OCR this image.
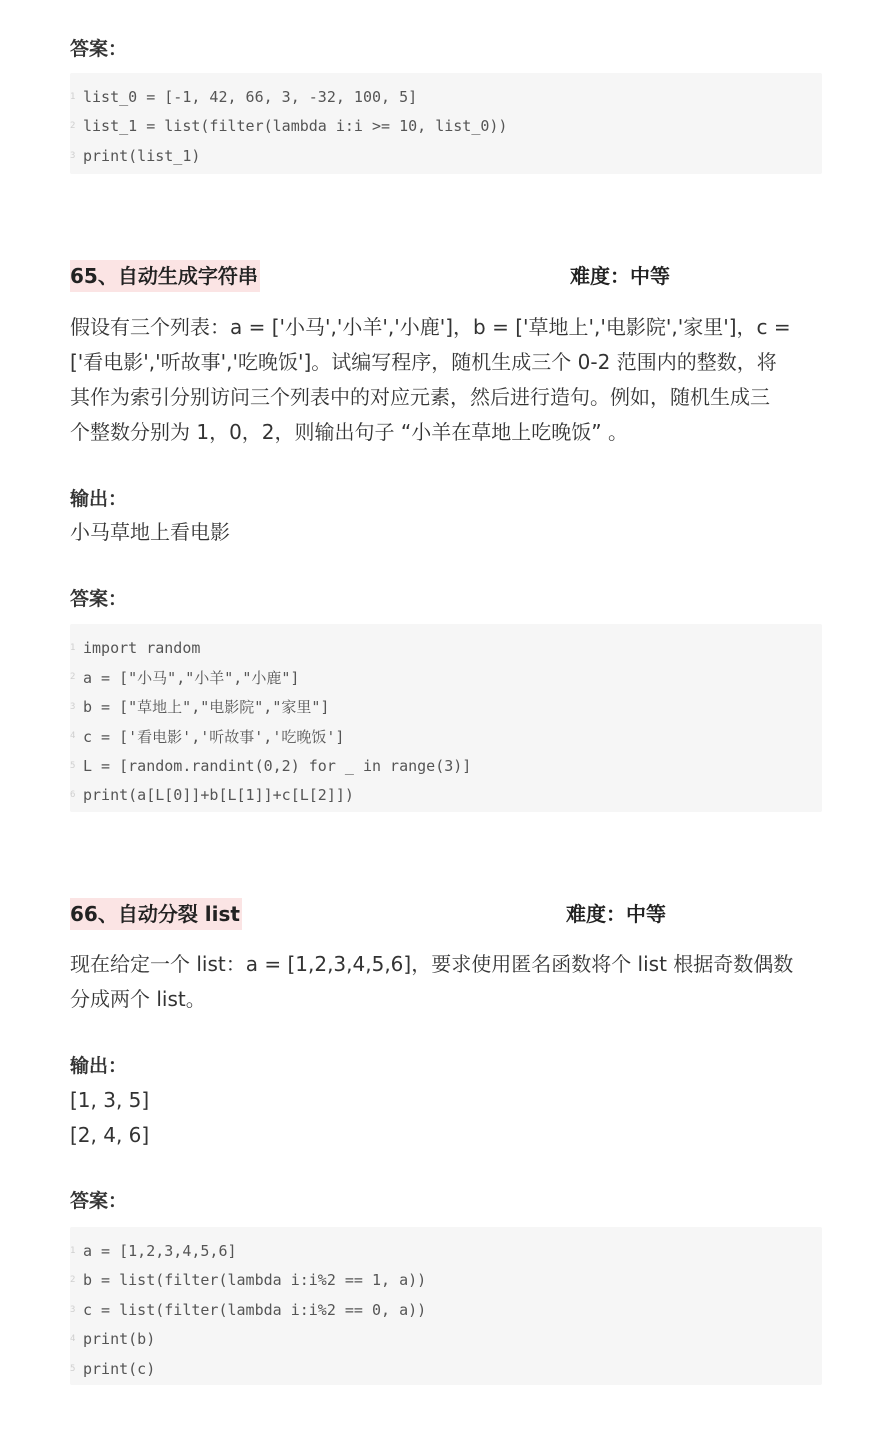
答案：
1 list_0 = [-1, 42, 66, 3, -32, 100, 5]
2 list_1 = list(filter(lambda i:i >= 10, list_0))
3 print(list_1)
65、自动生成字符串	难度：中等
假设有三个列表：a = ['小马','小羊','小鹿']，b = ['草地上','电影院','家里']，c =
['看电影','听故事','吃晚饭']。试编写程序，随机生成三个 0-2 范围内的整数，将
其作为索引分别访问三个列表中的对应元素，然后进行造句。例如，随机生成三
个整数分别为 1，0，2，则输出句子 “小羊在草地上吃晚饭” 。
输出：
小马草地上看电影
答案：
1 import random
2 a = ["小马","小羊","小鹿"]
3 b = ["草地上","电影院","家里"]
4 c = ['看电影','听故事','吃晚饭']
5 L = [random.randint(0,2) for _ in range(3)]
6 print(a[L[0]]+b[L[1]]+c[L[2]])
66、自动分裂 list	难度：中等
现在给定一个 list：a = [1,2,3,4,5,6]，要求使用匿名函数将个 list 根据奇数偶数
分成两个 list。
输出：
[1, 3, 5]
[2, 4, 6]
答案：
1 a = [1,2,3,4,5,6]
2 b = list(filter(lambda i:i%2 == 1, a))
3 c = list(filter(lambda i:i%2 == 0, a))
4 print(b)
5 print(c)
